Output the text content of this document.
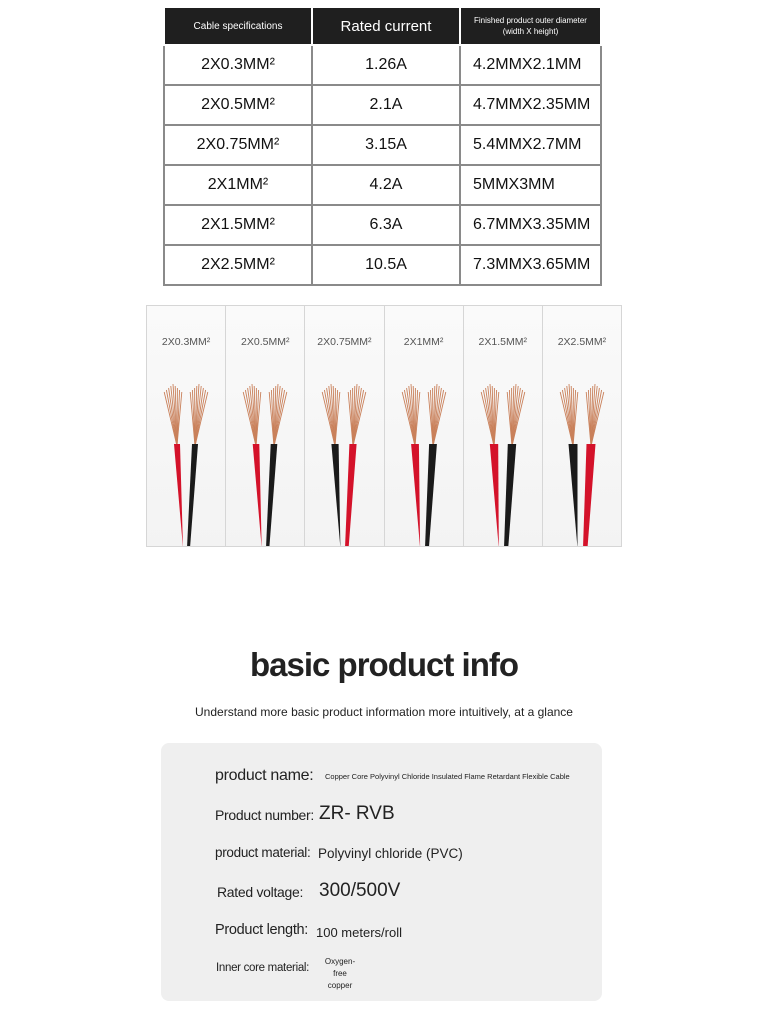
Cable specifications	Rated current	Finished product outer diameter (width X height)
2X0.3MM²	1.26A	4.2MMX2.1MM
2X0.5MM²	2.1A	4.7MMX2.35MM
2X0.75MM²	3.15A	5.4MMX2.7MM
2X1MM²	4.2A	5MMX3MM
2X1.5MM²	6.3A	6.7MMX3.35MM
2X2.5MM²	10.5A	7.3MMX3.65MM
2X0.3MM²	2X0.5MM²	2X0.75MM²	2X1MM²	2X1.5MM²	2X2.5MM²
basic product info
Understand more basic product information more intuitively, at a glance
product name: Copper Core Polyvinyl Chloride Insulated Flame Retardant Flexible Cable
Product number: ZR- RVB
product material: Polyvinyl chloride (PVC)
Rated voltage: 300/500V
Product length: 100 meters/roll
Inner core material:
Oxygen-free copper
